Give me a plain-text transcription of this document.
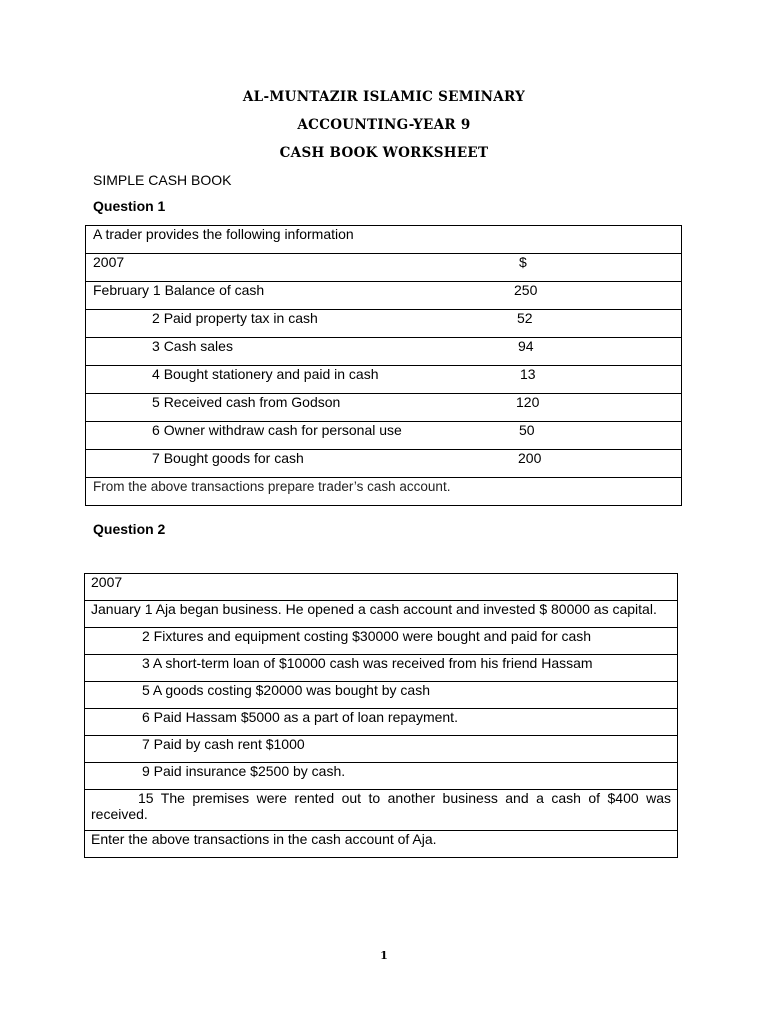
AL-MUNTAZIR ISLAMIC SEMINARY
ACCOUNTING-YEAR 9
CASH BOOK WORKSHEET
SIMPLE CASH BOOK
Question 1
A trader provides the following information

2007	$

February 1 Balance of cash	250

2 Paid property tax in cash	52

3 Cash sales	94

4 Bought stationery and paid in cash	13

5 Received cash from Godson	120

6 Owner withdraw cash for personal use	50

7 Bought goods for cash	200

From the above transactions prepare trader’s cash account.
Question 2
2007
January 1 Aja began business. He opened a cash account and invested $ 80000 as capital.
2 Fixtures and equipment costing $30000 were bought and paid for cash
3 A short-term loan of $10000 cash was received from his friend Hassam
5 A goods costing $20000 was bought by cash
6 Paid Hassam $5000 as a part of loan repayment.
7 Paid by cash rent $1000
9 Paid insurance $2500 by cash.
15 The premises were rented out to another business and a cash of $400 was received.
Enter the above transactions in the cash account of Aja.
1
